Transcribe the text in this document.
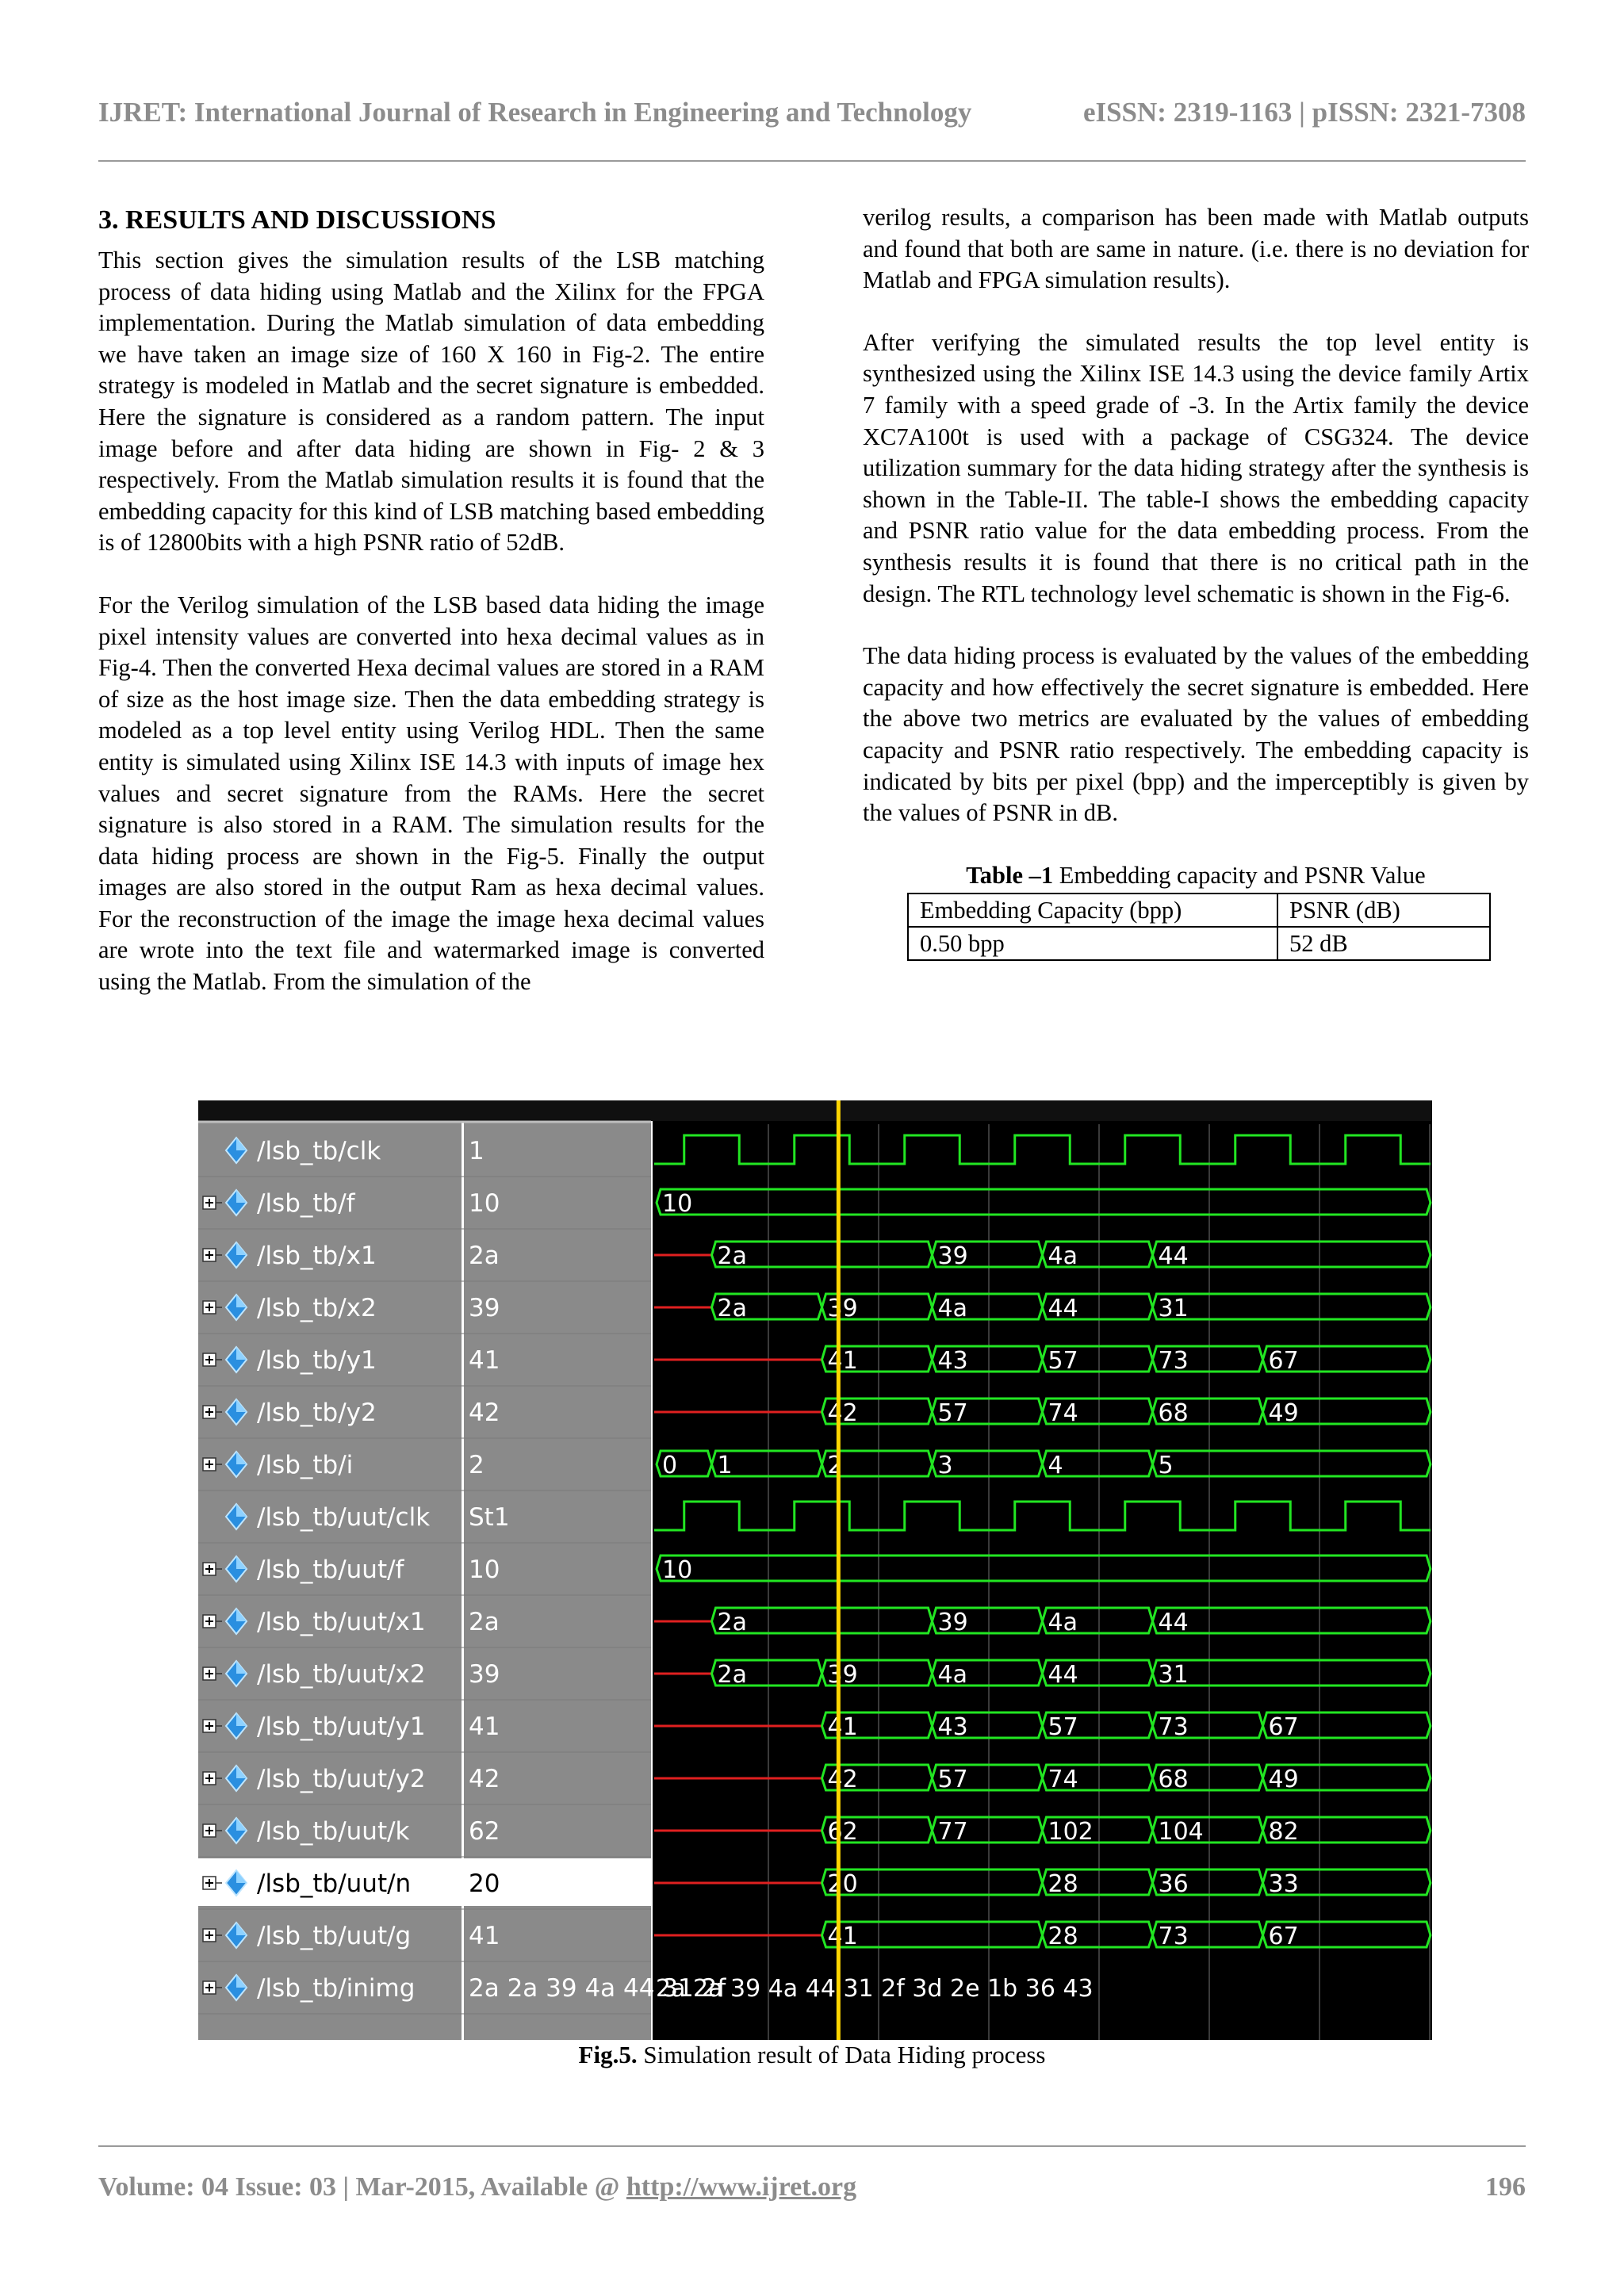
IJRET: International Journal of Research in Engineering and Technology	eISSN: 2319-1163 | pISSN: 2321-7308

3. RESULTS AND DISCUSSIONS

This section gives the simulation results of the LSB matching process of data hiding using Matlab and the Xilinx for the FPGA implementation. During the Matlab simulation of data embedding we have taken an image size of 160 X 160 in Fig-2. The entire strategy is modeled in Matlab and the secret signature is embedded. Here the signature is considered as a random pattern. The input image before and after data hiding are shown in Fig- 2 & 3 respectively. From the Matlab simulation results it is found that the embedding capacity for this kind of LSB matching based embedding is of 12800bits with a high PSNR ratio of 52dB.

For the Verilog simulation of the LSB based data hiding the image pixel intensity values are converted into hexa decimal values as in Fig-4. Then the converted Hexa decimal values are stored in a RAM of size as the host image size. Then the data embedding strategy is modeled as a top level entity using Verilog HDL. Then the same entity is simulated using Xilinx ISE 14.3 with inputs of image hex values and secret signature from the RAMs. Here the secret signature is also stored in a RAM. The simulation results for the data hiding process are shown in the Fig-5. Finally the output images are also stored in the output Ram as hexa decimal values. For the reconstruction of the image the image hexa decimal values are wrote into the text file and watermarked image is converted using the Matlab. From the simulation of the

verilog results, a comparison has been made with Matlab outputs and found that both are same in nature. (i.e. there is no deviation for Matlab and FPGA simulation results).

After verifying the simulated results the top level entity is synthesized using the Xilinx ISE 14.3 using the device family Artix 7 family with a speed grade of -3. In the Artix family the device XC7A100t is used with a package of CSG324. The device utilization summary for the data hiding strategy after the synthesis is shown in the Table-II. The table-I shows the embedding capacity and PSNR ratio value for the data embedding process. From the synthesis results it is found that there is no critical path in the design. The RTL technology level schematic is shown in the Fig-6.

The data hiding process is evaluated by the values of the embedding capacity and how effectively the secret signature is embedded. Here the above two metrics are evaluated by the values of embedding capacity and PSNR ratio respectively. The embedding capacity is indicated by bits per pixel (bpp) and the imperceptibly is given by the values of PSNR in dB.

Table –1 Embedding capacity and PSNR Value

Embedding Capacity (bpp)	PSNR (dB)
0.50 bpp	52 dB
/lsb_tb/clk	1
/lsb_tb/f	10	10
/lsb_tb/x1	2a	2a	39	4a	44
/lsb_tb/x2	39	2a	39	4a	44	31
/lsb_tb/y1	41	41	43	57	73	67
/lsb_tb/y2	42	42	57	74	68	49
/lsb_tb/i	2	0 1	2	3	4	5
/lsb_tb/uut/clk St1
/lsb_tb/uut/f	10	10
/lsb_tb/uut/x1 2a	2a	39	4a	44
/lsb_tb/uut/x2 39	2a	39	4a	44	31
/lsb_tb/uut/y1 41	41	43	57	73	67
/lsb_tb/uut/y2 42	42	57	74	68	49
/lsb_tb/uut/k 62	62	77	102	104	82
/lsb_tb/uut/n 20	20	28	36	33
/lsb_tb/uut/g 41	41	28	73	67
/lsb_tb/inimg 2a 2a 39 4a 44 31 2f
2a 2a 39 4a 44 31 2f 3d 2e 1b 36 43
Fig.5. Simulation result of Data Hiding process
Volume: 04 Issue: 03 | Mar-2015, Available @ http://www.ijret.org	196
